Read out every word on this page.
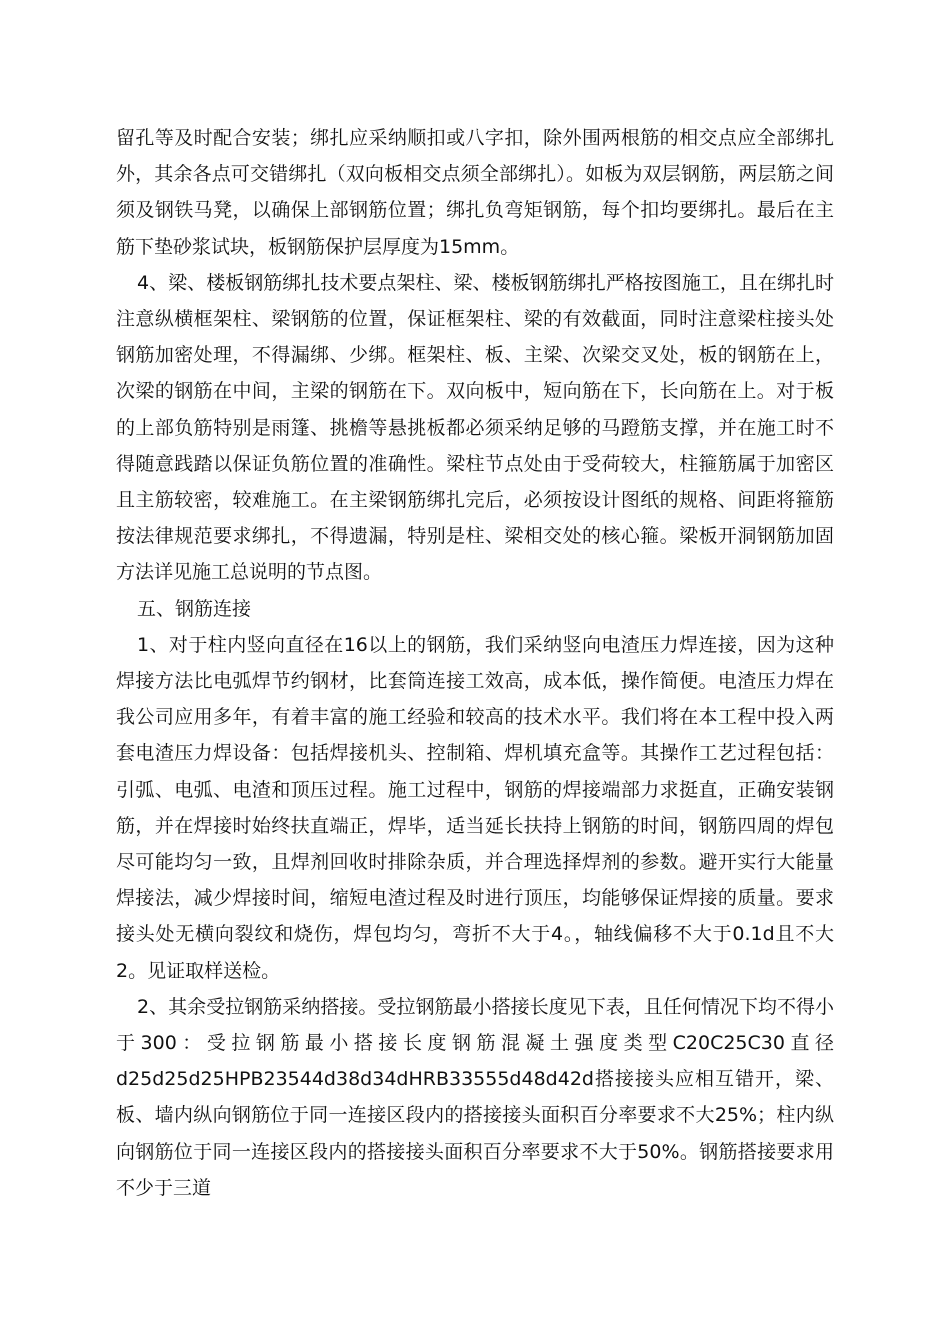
留孔等及时配合安装；绑扎应采纳顺扣或八字扣，除外围两根筋的相交点应全部绑扎外，其余各点可交错绑扎（双向板相交点须全部绑扎）。如板为双层钢筋，两层筋之间须及钢铁马凳，以确保上部钢筋位置；绑扎负弯矩钢筋，每个扣均要绑扎。最后在主筋下垫砂浆试块，板钢筋保护层厚度为15mm。

4、梁、楼板钢筋绑扎技术要点架柱、梁、楼板钢筋绑扎严格按图施工，且在绑扎时注意纵横框架柱、梁钢筋的位置，保证框架柱、梁的有效截面，同时注意梁柱接头处钢筋加密处理，不得漏绑、少绑。框架柱、板、主梁、次梁交叉处，板的钢筋在上，次梁的钢筋在中间，主梁的钢筋在下。双向板中，短向筋在下，长向筋在上。对于板的上部负筋特别是雨篷、挑檐等悬挑板都必须采纳足够的马蹬筋支撑，并在施工时不得随意践踏以保证负筋位置的准确性。梁柱节点处由于受荷较大，柱箍筋属于加密区且主筋较密，较难施工。在主梁钢筋绑扎完后，必须按设计图纸的规格、间距将箍筋按法律规范要求绑扎，不得遗漏，特别是柱、梁相交处的核心箍。梁板开洞钢筋加固方法详见施工总说明的节点图。

五、钢筋连接

1、对于柱内竖向直径在16以上的钢筋，我们采纳竖向电渣压力焊连接，因为这种焊接方法比电弧焊节约钢材，比套筒连接工效高，成本低，操作简便。电渣压力焊在我公司应用多年，有着丰富的施工经验和较高的技术水平。我们将在本工程中投入两套电渣压力焊设备：包括焊接机头、控制箱、焊机填充盒等。其操作工艺过程包括：引弧、电弧、电渣和顶压过程。施工过程中，钢筋的焊接端部力求挺直，正确安装钢筋，并在焊接时始终扶直端正，焊毕，适当延长扶持上钢筋的时间，钢筋四周的焊包尽可能均匀一致，且焊剂回收时排除杂质，并合理选择焊剂的参数。避开实行大能量焊接法，减少焊接时间，缩短电渣过程及时进行顶压，均能够保证焊接的质量。要求接头处无横向裂纹和烧伤，焊包均匀，弯折不大于4。，轴线偏移不大于0.1d且不大2。见证取样送检。

2、其余受拉钢筋采纳搭接。受拉钢筋最小搭接长度见下表，且任何情况下均不得小于300：受拉钢筋最小搭接长度钢筋混凝土强度类型C20C25C30直径d25d25d25HPB23544d38d34dHRB33555d48d42d搭接接头应相互错开，梁、板、墙内纵向钢筋位于同一连接区段内的搭接接头面积百分率要求不大25%；柱内纵向钢筋位于同一连接区段内的搭接接头面积百分率要求不大于50%。钢筋搭接要求用不少于三道
